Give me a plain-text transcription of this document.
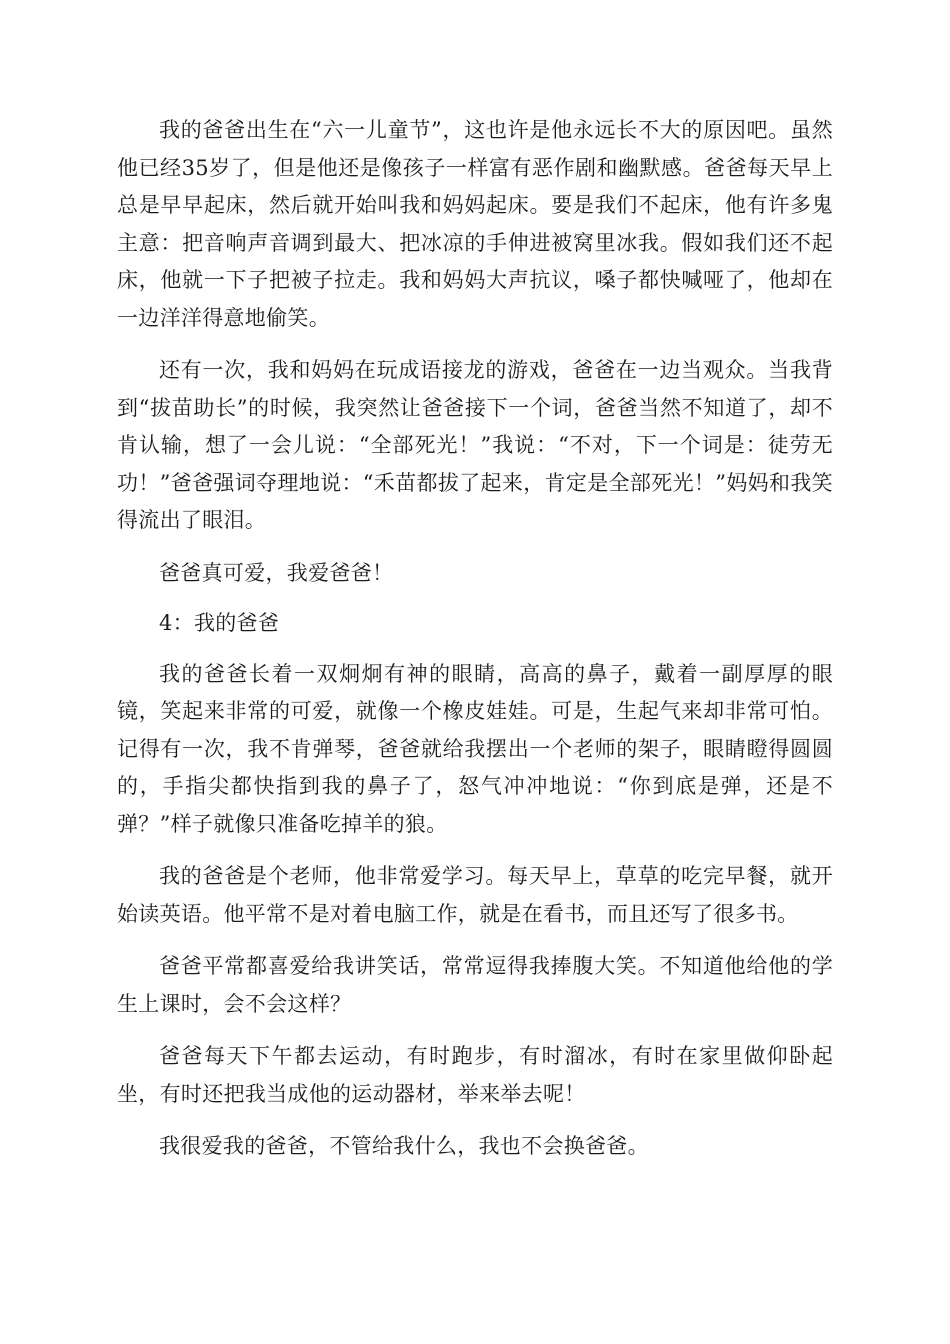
我的爸爸出生在“六一儿童节”，这也许是他永远长不大的原因吧。虽然他已经35岁了，但是他还是像孩子一样富有恶作剧和幽默感。爸爸每天早上总是早早起床，然后就开始叫我和妈妈起床。要是我们不起床，他有许多鬼主意：把音响声音调到最大、把冰凉的手伸进被窝里冰我。假如我们还不起床，他就一下子把被子拉走。我和妈妈大声抗议，嗓子都快喊哑了，他却在一边洋洋得意地偷笑。

还有一次，我和妈妈在玩成语接龙的游戏，爸爸在一边当观众。当我背到“拔苗助长”的时候，我突然让爸爸接下一个词，爸爸当然不知道了，却不肯认输，想了一会儿说：“全部死光！”我说：“不对，下一个词是：徒劳无功！”爸爸强词夺理地说：“禾苗都拔了起来，肯定是全部死光！”妈妈和我笑得流出了眼泪。

爸爸真可爱，我爱爸爸！

4：我的爸爸

我的爸爸长着一双炯炯有神的眼睛，高高的鼻子，戴着一副厚厚的眼镜，笑起来非常的可爱，就像一个橡皮娃娃。可是，生起气来却非常可怕。记得有一次，我不肯弹琴，爸爸就给我摆出一个老师的架子，眼睛瞪得圆圆的，手指尖都快指到我的鼻子了，怒气冲冲地说：“你到底是弹，还是不弹？”样子就像只准备吃掉羊的狼。

我的爸爸是个老师，他非常爱学习。每天早上，草草的吃完早餐，就开始读英语。他平常不是对着电脑工作，就是在看书，而且还写了很多书。

爸爸平常都喜爱给我讲笑话，常常逗得我捧腹大笑。不知道他给他的学生上课时，会不会这样？

爸爸每天下午都去运动，有时跑步，有时溜冰，有时在家里做仰卧起坐，有时还把我当成他的运动器材，举来举去呢！

我很爱我的爸爸，不管给我什么，我也不会换爸爸。
